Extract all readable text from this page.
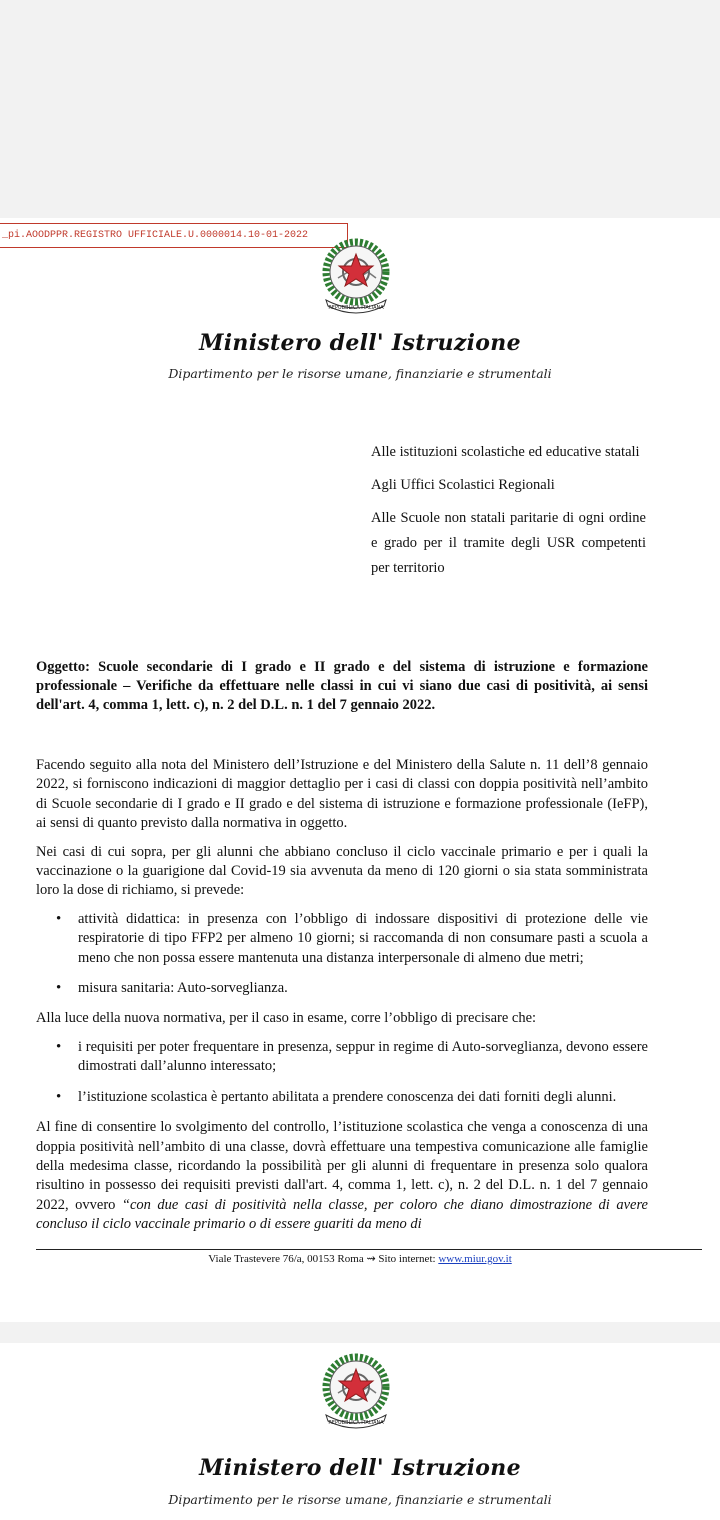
_pi.AOODPPR.REGISTRO UFFICIALE.U.0000014.10-01-2022
REPUBBLICA ITALIANA
Ministero dell' Istruzione
Dipartimento per le risorse umane, finanziarie e strumentali

Alle istituzioni scolastiche ed educative statali

Agli Uffici Scolastici Regionali

Alle Scuole non statali paritarie di ogni ordine e grado per il tramite degli USR competenti per territorio

Oggetto: Scuole secondarie di I grado e II grado e del sistema di istruzione e formazione professionale – Verifiche da effettuare nelle classi in cui vi siano due casi di positività, ai sensi dell'art. 4, comma 1, lett. c), n. 2 del D.L. n. 1 del 7 gennaio 2022.

Facendo seguito alla nota del Ministero dell’Istruzione e del Ministero della Salute n. 11 dell’8 gennaio 2022, si forniscono indicazioni di maggior dettaglio per i casi di classi con doppia positività nell’ambito di Scuole secondarie di I grado e II grado e del sistema di istruzione e formazione professionale (IeFP), ai sensi di quanto previsto dalla normativa in oggetto.

Nei casi di cui sopra, per gli alunni che abbiano concluso il ciclo vaccinale primario e per i quali la vaccinazione o la guarigione dal Covid-19 sia avvenuta da meno di 120 giorni o sia stata somministrata loro la dose di richiamo, si prevede:

• attività didattica: in presenza con l’obbligo di indossare dispositivi di protezione delle vie respiratorie di tipo FFP2 per almeno 10 giorni; si raccomanda di non consumare pasti a scuola a meno che non possa essere mantenuta una distanza interpersonale di almeno due metri;
• misura sanitaria: Auto-sorveglianza.

Alla luce della nuova normativa, per il caso in esame, corre l’obbligo di precisare che:

• i requisiti per poter frequentare in presenza, seppur in regime di Auto-sorveglianza, devono essere dimostrati dall’alunno interessato;
• l’istituzione scolastica è pertanto abilitata a prendere conoscenza dei dati forniti degli alunni.

Al fine di consentire lo svolgimento del controllo, l’istituzione scolastica che venga a conoscenza di una doppia positività nell’ambito di una classe, dovrà effettuare una tempestiva comunicazione alle famiglie della medesima classe, ricordando la possibilità per gli alunni di frequentare in presenza solo qualora risultino in possesso dei requisiti previsti dall'art. 4, comma 1, lett. c), n. 2 del D.L. n. 1 del 7 gennaio 2022, ovvero “con due casi di positività nella classe, per coloro che diano dimostrazione di avere concluso il ciclo vaccinale primario o di essere guariti da meno di

Viale Trastevere 76/a, 00153 Roma ⇝ Sito internet: www.miur.gov.it
REPUBBLICA ITALIANA
Ministero dell' Istruzione
Dipartimento per le risorse umane, finanziarie e strumentali
